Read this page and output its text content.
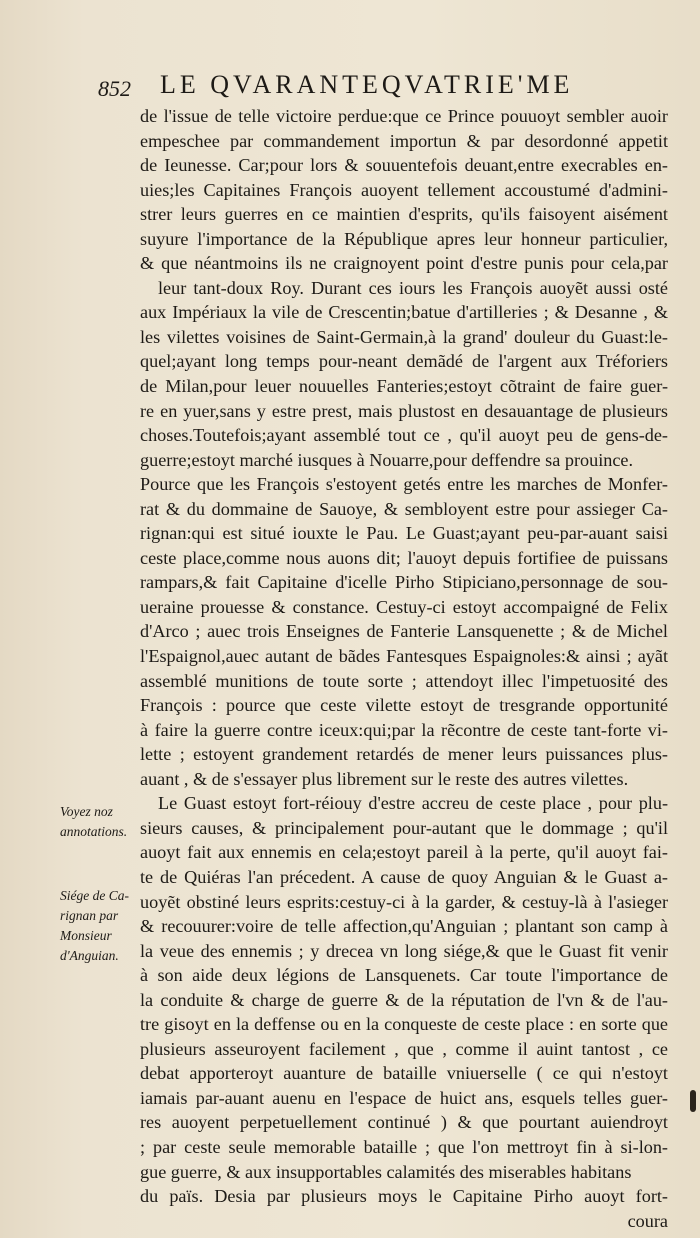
852 LE QVARANTEQVATRIE'ME
de l'issue de telle victoire perdue:que ce Prince pouuoyt sembler auoir
empeschee par commandement importun & par desordonné appetit
de Ieunesse. Car;pour lors & souuentefois deuant,entre execrables en-
uies;les Capitaines François auoyent tellement accoustumé d'admini-
strer leurs guerres en ce maintien d'esprits, qu'ils faisoyent aisément
suyure l'importance de la République apres leur honneur particulier,
& que néantmoins ils ne craignoyent point d'estre punis pour cela,par
leur tant-doux Roy. Durant ces iours les François auoyẽt aussi osté
aux Impériaux la vile de Crescentin;batue d'artilleries ; & Desanne , &
les vilettes voisines de Saint-Germain,à la grand' douleur du Guast:le-
quel;ayant long temps pour-neant demãdé de l'argent aux Tréforiers
de Milan,pour leuer nouuelles Fanteries;estoyt cõtraint de faire guer-
re en yuer,sans y estre prest, mais plustost en desauantage de plusieurs
choses.Toutefois;ayant assemblé tout ce , qu'il auoyt peu de gens-de-
guerre;estoyt marché iusques à Nouarre,pour deffendre sa prouince.
Pource que les François s'estoyent getés entre les marches de Monfer-
rat & du dommaine de Sauoye, & sembloyent estre pour assieger Ca-
rignan:qui est situé iouxte le Pau. Le Guast;ayant peu-par-auant saisi
ceste place,comme nous auons dit; l'auoyt depuis fortifiee de puissans
rampars,& fait Capitaine d'icelle Pirho Stipiciano,personnage de sou-
ueraine prouesse & constance. Cestuy-ci estoyt accompaigné de Felix
d'Arco ; auec trois Enseignes de Fanterie Lansquenette ; & de Michel
l'Espaignol,auec autant de bãdes Fantesques Espaignoles:& ainsi ; ayãt
assemblé munitions de toute sorte ; attendoyt illec l'impetuosité des
François : pource que ceste vilette estoyt de tresgrande opportunité
à faire la guerre contre iceux:qui;par la rẽcontre de ceste tant-forte vi-
lette ; estoyent grandement retardés de mener leurs puissances plus-
auant , & de s'essayer plus librement sur le reste des autres vilettes.
Le Guast estoyt fort-réiouy d'estre accreu de ceste place , pour plu-
sieurs causes, & principalement pour-autant que le dommage ; qu'il
auoyt fait aux ennemis en cela;estoyt pareil à la perte, qu'il auoyt fai-
te de Quiéras l'an précedent. A cause de quoy Anguian & le Guast a-
uoyẽt obstiné leurs esprits:cestuy-ci à la garder, & cestuy-là à l'asieger
& recouurer:voire de telle affection,qu'Anguian ; plantant son camp à
la veue des ennemis ; y drecea vn long siége,& que le Guast fit venir
à son aide deux légions de Lansquenets. Car toute l'importance de
la conduite & charge de guerre & de la réputation de l'vn & de l'au-
tre gisoyt en la deffense ou en la conqueste de ceste place : en sorte que
plusieurs asseuroyent facilement , que , comme il auint tantost , ce
debat apporteroyt auanture de bataille vniuerselle ( ce qui n'estoyt
iamais par-auant auenu en l'espace de huict ans, esquels telles guer-
res auoyent perpetuellement continué ) & que pourtant auiendroyt
; par ceste seule memorable bataille ; que l'on mettroyt fin à si-lon-
gue guerre, & aux insupportables calamités des miserables habitans
du païs. Desia par plusieurs moys le Capitaine Pirho auoyt fort-
coura
Voyez noz
annotations.
Siége de Ca-
rignan par
Monsieur
d'Anguian.
